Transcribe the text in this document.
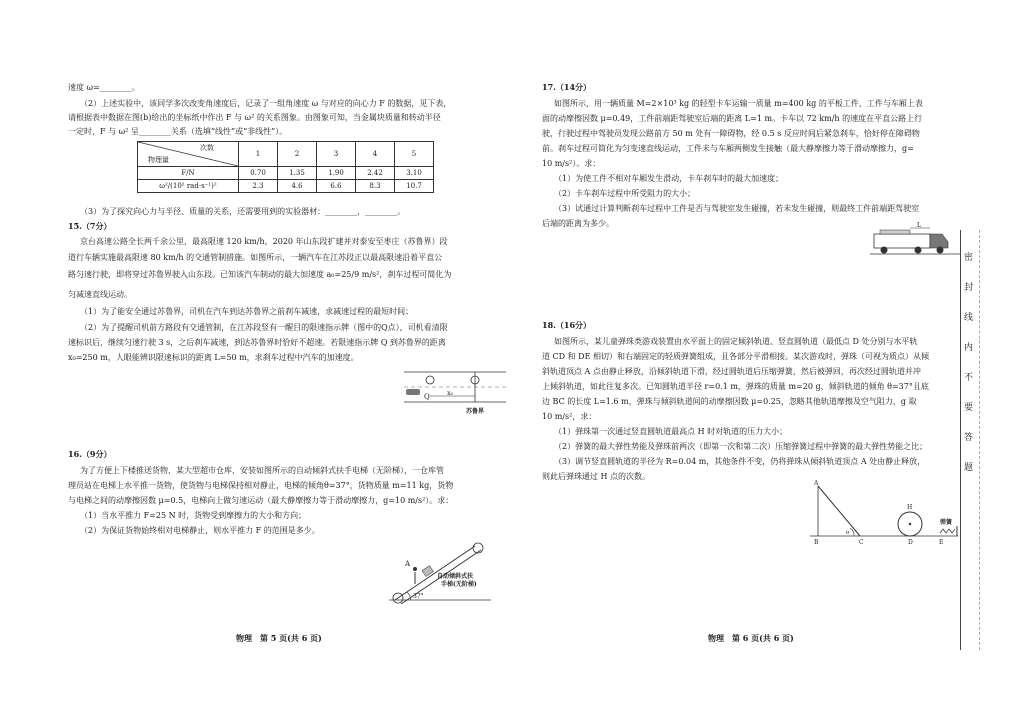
速度 ω=________。
（2）上述实验中，该同学多次改变角速度后，记录了一组角速度 ω 与对应的向心力 F 的数据，见下表，
请根据表中数据在图(b)给出的坐标纸中作出 F 与 ω² 的关系图象。由图象可知，当金属块质量和转动半径
一定时，F 与 ω² 呈________关系（选填“线性”或“非线性”）。
次数
物理量	1	2	3	4	5
F/N	0.70	1.35	1.90	2.42	3.10
ω²/(10² rad·s⁻¹)²	2.3	4.6	6.6	8.3	10.7
（3）为了探究向心力与半径、质量的关系，还需要用到的实验器材：________，________。
15.（7分）
京台高速公路全长两千余公里，最高限速 120 km/h，2020 年山东段扩建并对泰安至枣庄（苏鲁界）段
道行车辆实施最高限速 80 km/h 的交通管制措施。如图所示，一辆汽车在江苏段正以最高限速沿着平直公
路匀速行驶，即将穿过苏鲁界驶入山东段。已知该汽车制动的最大加速度 a₀=25/9 m/s²，刹车过程可简化为
匀减速直线运动。
（1）为了能安全通过苏鲁界，司机在汽车到达苏鲁界之前刹车减速，求减速过程的最短时间；
（2）为了提醒司机前方路段有交通管制，在江苏段竖有一醒目的限速指示牌（图中的Q点），司机看清限
速标识后，继续匀速行驶 3 s，之后刹车减速，到达苏鲁界时恰好不超速。若限速指示牌 Q 到苏鲁界的距离
x₀=250 m，人眼能辨识限速标识的距离 L=50 m，求刹车过程中汽车的加速度。
x₀
Q
苏鲁界
16.（9分）
为了方便上下楼推送货物，某大型超市仓库，安装如图所示的自动倾斜式扶手电梯（无阶梯），一仓库管
理员站在电梯上水平推一货物，使货物与电梯保持相对静止，电梯的倾角θ=37°，货物质量 m=11 kg，货物
与电梯之间的动摩擦因数 μ=0.5，电梯向上做匀速运动（最大静摩擦力等于滑动摩擦力，g=10 m/s²）。求：
（1）当水平推力 F=25 N 时，货物受到摩擦力的大小和方向；
（2）为保证货物始终相对电梯静止，则水平推力 F 的范围是多少。
A
37°
自动倾斜式扶
手梯(无阶梯)
物理　第 5 页(共 6 页)
17.（14分）
如图所示，用一辆质量 M=2×10³ kg 的轻型卡车运输一质量 m=400 kg 的平板工件，工件与车厢上表
面的动摩擦因数 μ=0.49，工件前端距驾驶室后端的距离 L=1 m。卡车以 72 km/h 的速度在平直公路上行
驶，行驶过程中驾驶员发现公路前方 50 m 处有一障碍物，经 0.5 s 反应时间后紧急刹车，恰好停在障碍物
前。刹车过程可简化为匀变速直线运动，工件未与车厢两侧发生接触（最大静摩擦力等于滑动摩擦力，g=
10 m/s²）。求：
（1）为使工件不相对车厢发生滑动，卡车刹车时的最大加速度；
（2）卡车刹车过程中所受阻力的大小；
（3）试通过计算判断刹车过程中工件是否与驾驶室发生碰撞，若未发生碰撞，则最终工件前端距驾驶室
后端的距离为多少。	L
18.（16分）
如图所示，某儿童弹珠类游戏装置由水平面上的固定倾斜轨道、竖直圆轨道（最低点 D 处分别与水平轨
道 CD 和 DE 相切）和右端固定的轻质弹簧组成，且各部分平滑相接。某次游戏时，弹珠（可视为质点）从倾
斜轨道顶点 A 点由静止释放，沿倾斜轨道下滑，经过圆轨道后压缩弹簧，然后被弹回，再次经过圆轨道并冲
上倾斜轨道，如此往复多次。已知圆轨道半径 r=0.1 m，弹珠的质量 m=20 g，倾斜轨道的倾角 θ=37°且底
边 BC 的长度 L=1.6 m，弹珠与倾斜轨道间的动摩擦因数 μ=0.25，忽略其他轨道摩擦及空气阻力，g 取
10 m/s²，求：
（1）弹珠第一次通过竖直圆轨道最高点 H 时对轨道的压力大小；
（2）弹簧的最大弹性势能及弹珠前两次（即第一次和第二次）压缩弹簧过程中弹簧的最大弹性势能之比；
（3）调节竖直圆轨道的半径为 R=0.04 m，其他条件不变，仍将弹珠从倾斜轨道顶点 A 处由静止释放，
则此后弹珠通过 H 点的次数。
A
B	C	D	E
H
θ
弹簧
物理　第 6 页(共 6 页)
密
封
线
内
不
要
答
题
